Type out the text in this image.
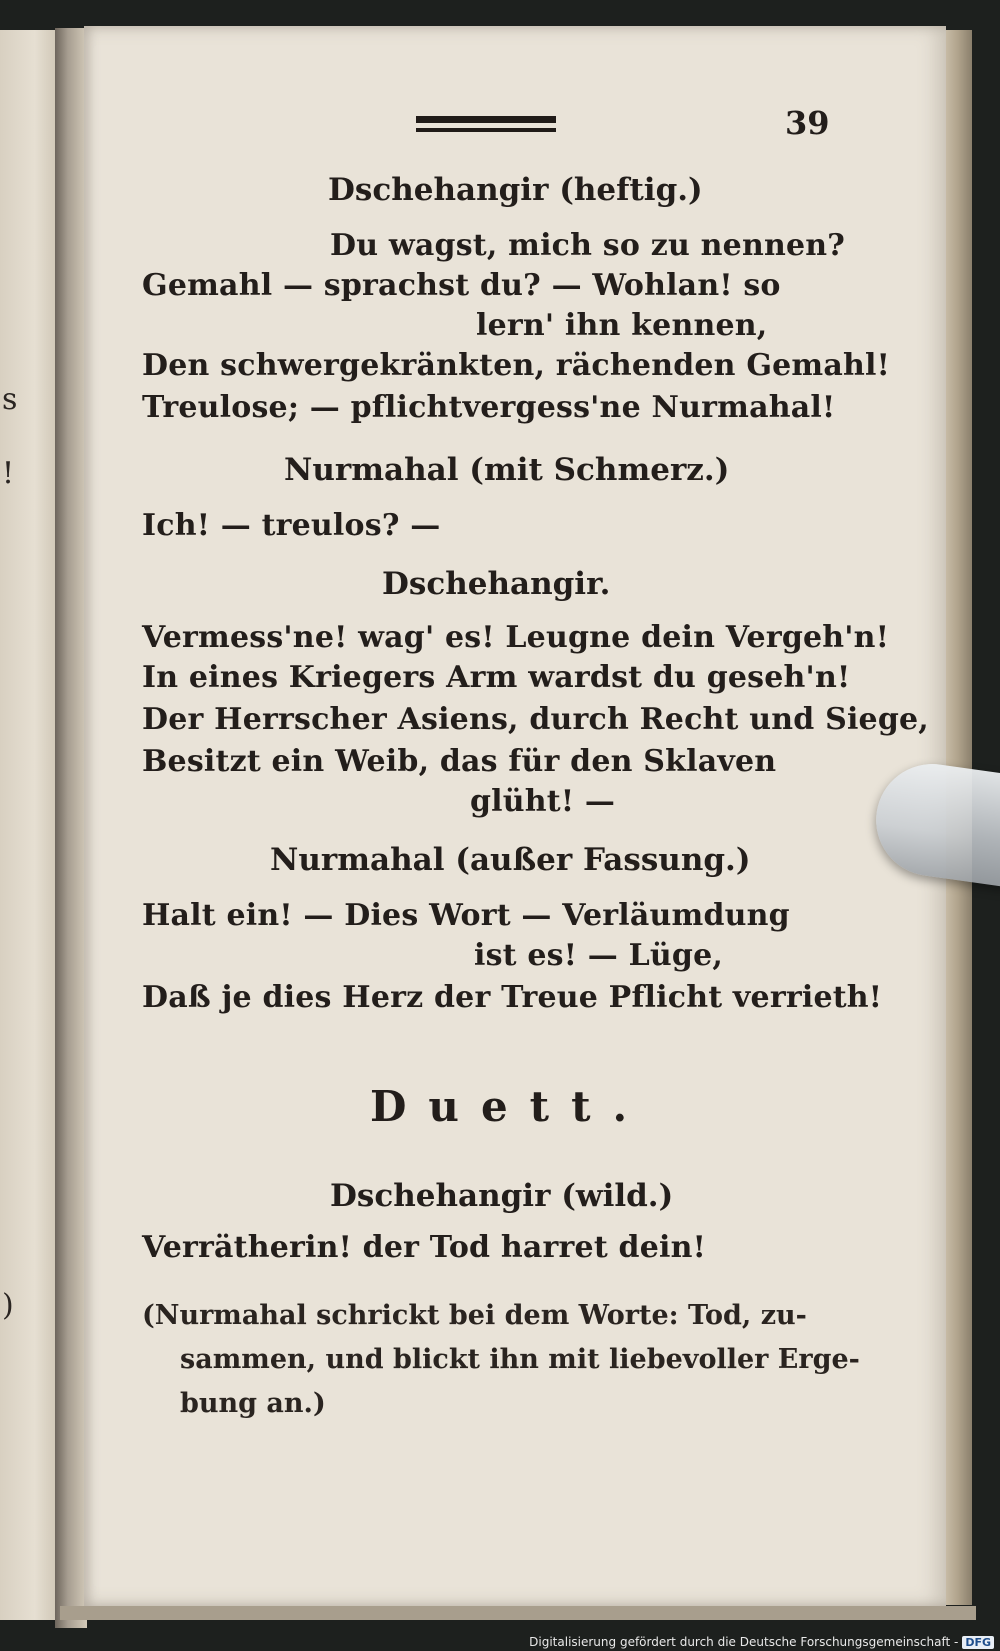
s
!
)
39
Dschehangir (heftig.)
Du wagst, mich so zu nennen?
Gemahl — sprachst du? — Wohlan! so
lern' ihn kennen,
Den schwergekränkten, rächenden Gemahl!
Treulose; — pflichtvergess'ne Nurmahal!
Nurmahal (mit Schmerz.)
Ich! — treulos? —
Dschehangir.
Vermess'ne! wag' es! Leugne dein Vergeh'n!
In eines Kriegers Arm wardst du geseh'n!
Der Herrscher Asiens, durch Recht und Siege,
Besitzt ein Weib, das für den Sklaven
glüht! —
Nurmahal (außer Fassung.)
Halt ein! — Dies Wort — Verläumdung
ist es! — Lüge,
Daß je dies Herz der Treue Pflicht verrieth!
Duett.
Dschehangir (wild.)
Verrätherin! der Tod harret dein!
(Nurmahal schrickt bei dem Worte: Tod, zu-
sammen, und blickt ihn mit liebevoller Erge-
bung an.)
Digitalisierung gefördert durch die Deutsche Forschungsgemeinschaft - DFG
